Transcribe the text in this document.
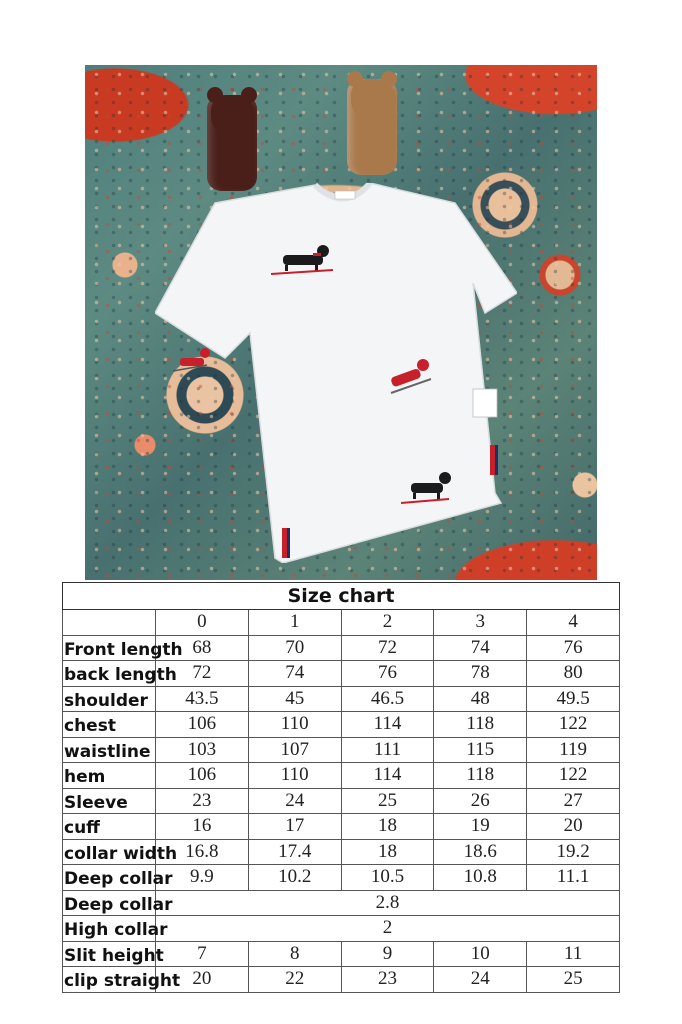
Size chart
	0	1	2	3	4

Front length	68	70	72	74	76

back length	72	74	76	78	80

shoulder	43.5	45	46.5	48	49.5

chest	106	110	114	118	122

waistline	103	107	111	115	119

hem	106	110	114	118	122

Sleeve	23	24	25	26	27

cuff	16	17	18	19	20

collar width	16.8	17.4	18	18.6	19.2

Deep collar	9.9	10.2	10.5	10.8	11.1

Deep collar	2.8				

High collar	2				

Slit height	7	8	9	10	11

clip straight	20	22	23	24	25
